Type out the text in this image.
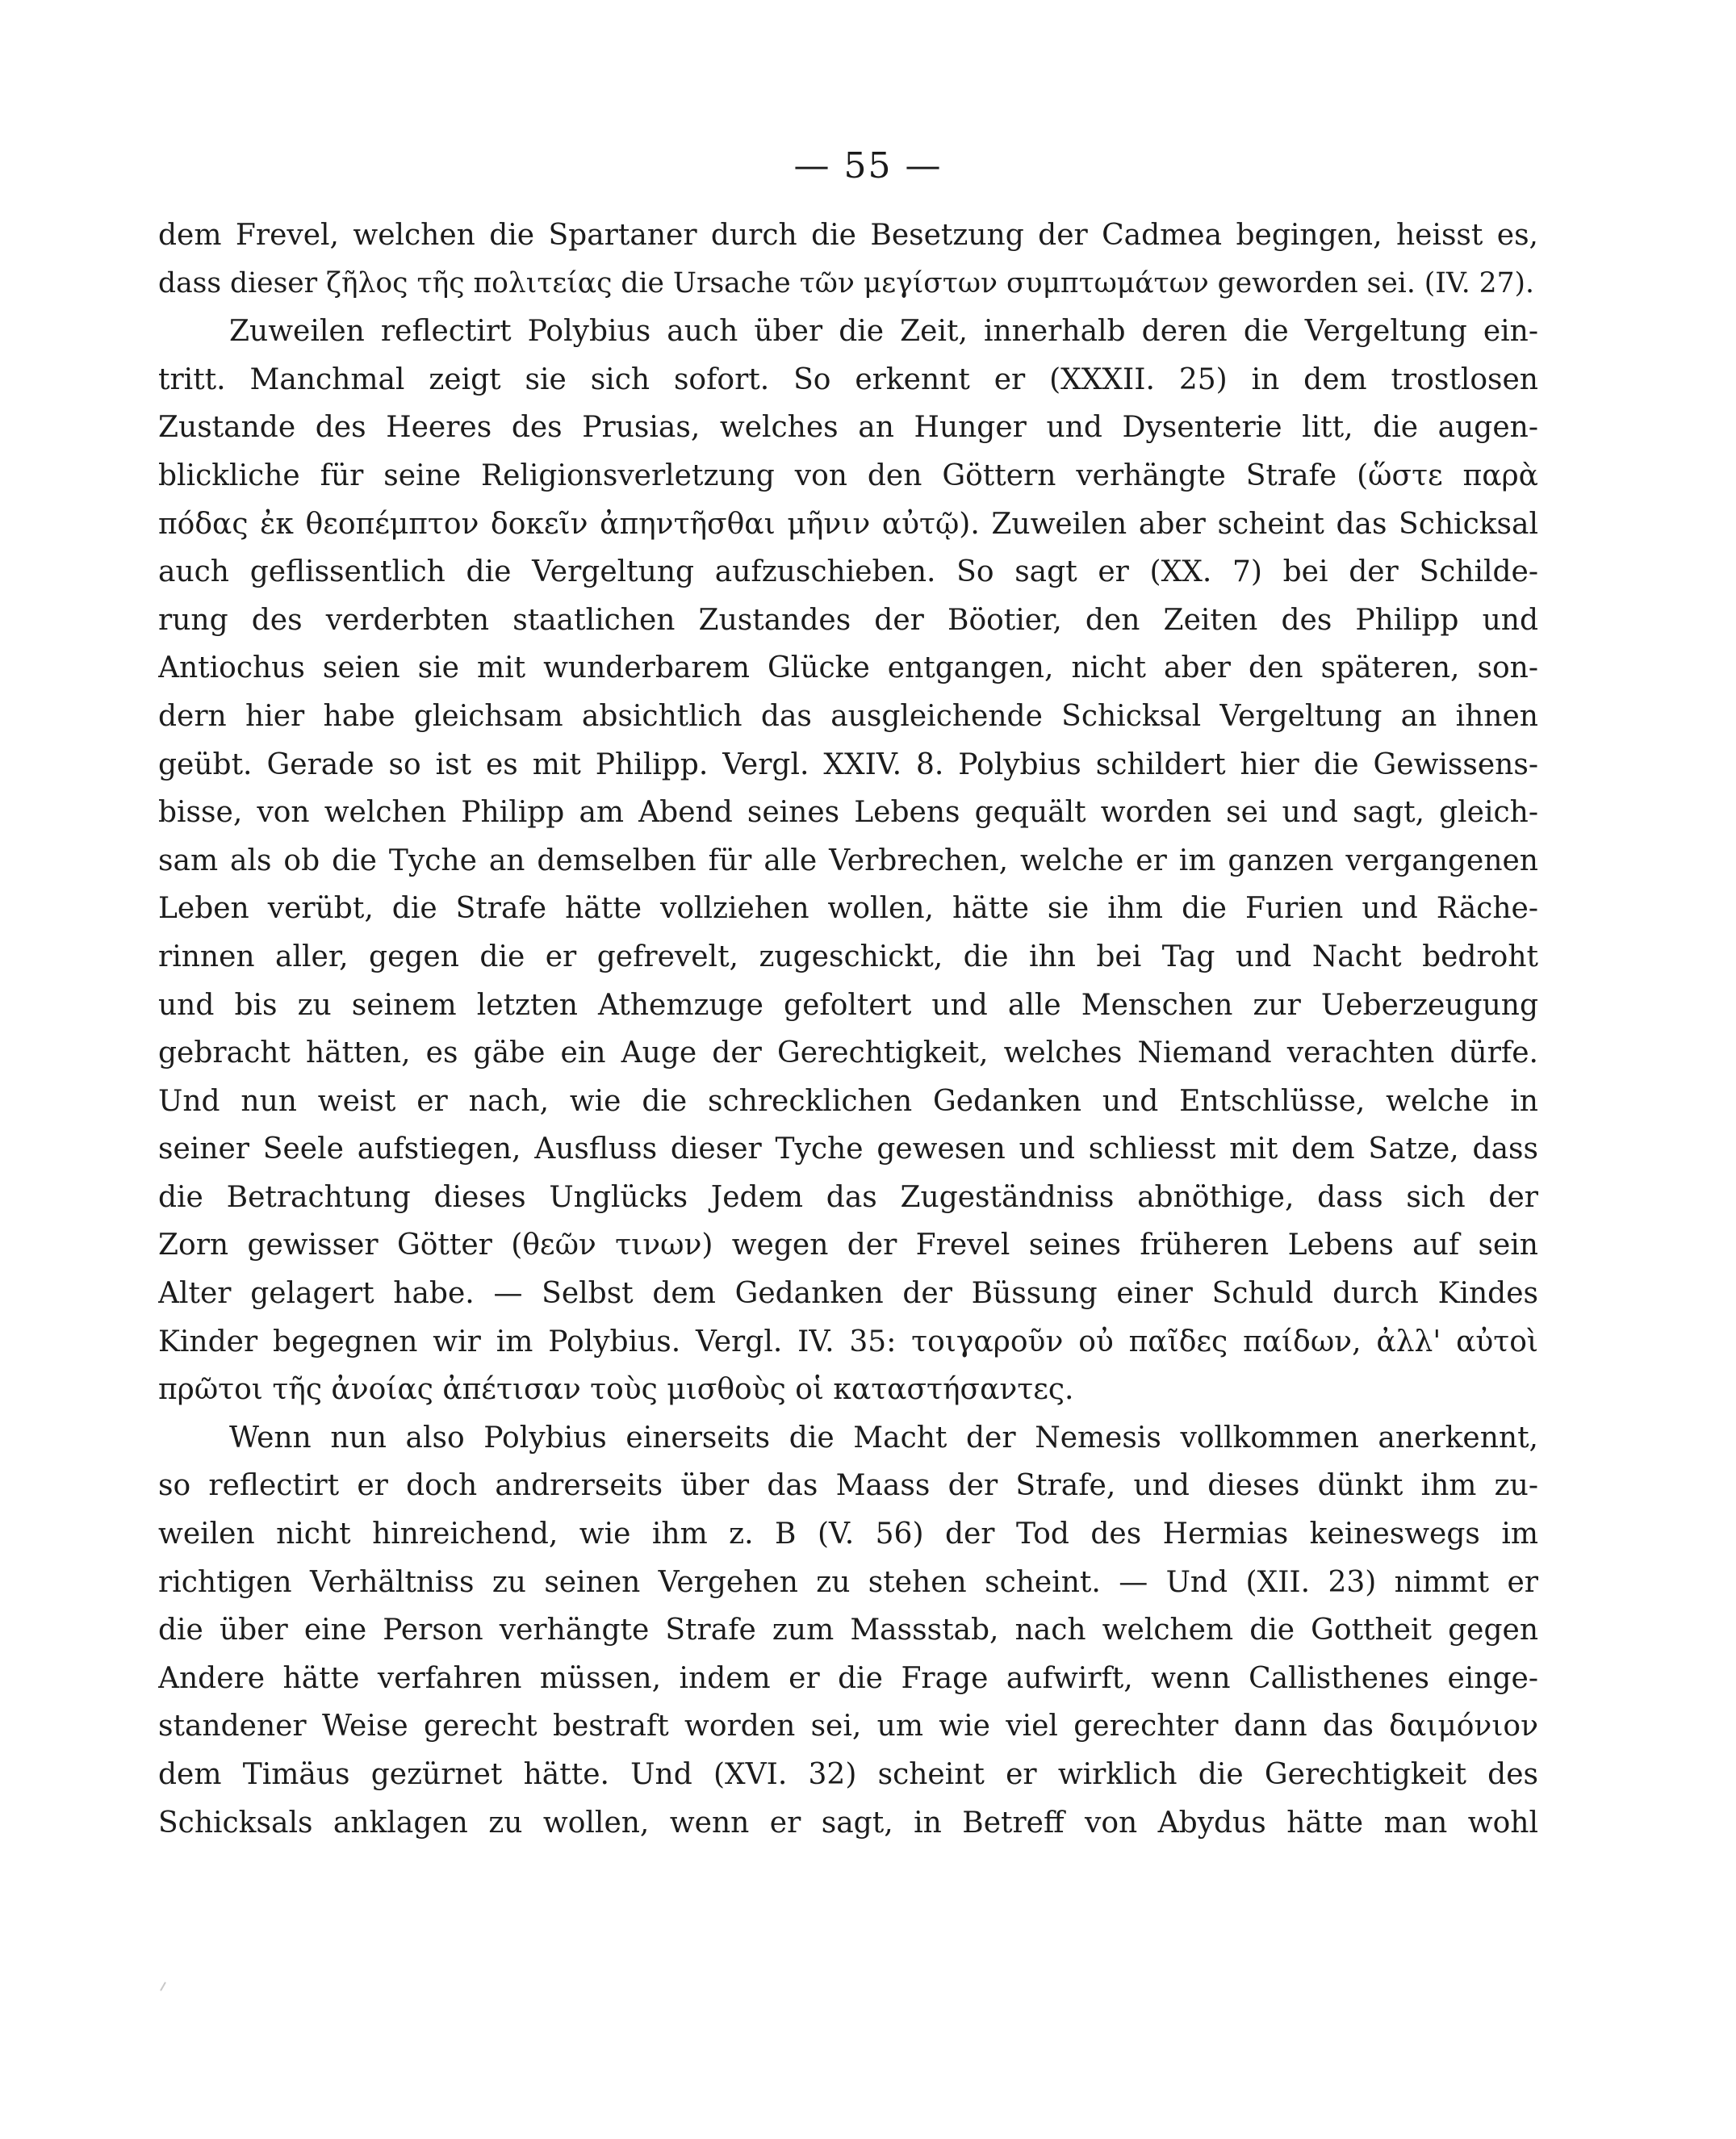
— 55 —
dem Frevel, welchen die Spartaner durch die Besetzung der Cadmea begingen, heisst es,
dass dieser ζῆλος τῆς πολιτείας die Ursache τῶν μεγίστων συμπτωμάτων geworden sei. (IV. 27).
Zuweilen reflectirt Polybius auch über die Zeit, innerhalb deren die Vergeltung ein-
tritt. Manchmal zeigt sie sich sofort. So erkennt er (XXXII. 25) in dem trostlosen
Zustande des Heeres des Prusias, welches an Hunger und Dysenterie litt, die augen-
blickliche für seine Religionsverletzung von den Göttern verhängte Strafe (ὥστε παρὰ
πόδας ἐκ θεοπέμπτον δοκεῖν ἀπηντῆσθαι μῆνιν αὐτῷ). Zuweilen aber scheint das Schicksal
auch geflissentlich die Vergeltung aufzuschieben. So sagt er (XX. 7) bei der Schilde-
rung des verderbten staatlichen Zustandes der Böotier, den Zeiten des Philipp und
Antiochus seien sie mit wunderbarem Glücke entgangen, nicht aber den späteren, son-
dern hier habe gleichsam absichtlich das ausgleichende Schicksal Vergeltung an ihnen
geübt. Gerade so ist es mit Philipp. Vergl. XXIV. 8. Polybius schildert hier die Gewissens-
bisse, von welchen Philipp am Abend seines Lebens gequält worden sei und sagt, gleich-
sam als ob die Tyche an demselben für alle Verbrechen, welche er im ganzen vergangenen
Leben verübt, die Strafe hätte vollziehen wollen, hätte sie ihm die Furien und Räche-
rinnen aller, gegen die er gefrevelt, zugeschickt, die ihn bei Tag und Nacht bedroht
und bis zu seinem letzten Athemzuge gefoltert und alle Menschen zur Ueberzeugung
gebracht hätten, es gäbe ein Auge der Gerechtigkeit, welches Niemand verachten dürfe.
Und nun weist er nach, wie die schrecklichen Gedanken und Entschlüsse, welche in
seiner Seele aufstiegen, Ausfluss dieser Tyche gewesen und schliesst mit dem Satze, dass
die Betrachtung dieses Unglücks Jedem das Zugeständniss abnöthige, dass sich der
Zorn gewisser Götter (θεῶν τινων) wegen der Frevel seines früheren Lebens auf sein
Alter gelagert habe. — Selbst dem Gedanken der Büssung einer Schuld durch Kindes
Kinder begegnen wir im Polybius. Vergl. IV. 35: τοιγαροῦν οὐ παῖδες παίδων, ἀλλ' αὐτοὶ
πρῶτοι τῆς ἀνοίας ἀπέτισαν τοὺς μισθοὺς οἱ καταστήσαντες.
Wenn nun also Polybius einerseits die Macht der Nemesis vollkommen anerkennt,
so reflectirt er doch andrerseits über das Maass der Strafe, und dieses dünkt ihm zu-
weilen nicht hinreichend, wie ihm z. B (V. 56) der Tod des Hermias keineswegs im
richtigen Verhältniss zu seinen Vergehen zu stehen scheint. — Und (XII. 23) nimmt er
die über eine Person verhängte Strafe zum Massstab, nach welchem die Gottheit gegen
Andere hätte verfahren müssen, indem er die Frage aufwirft, wenn Callisthenes einge-
standener Weise gerecht bestraft worden sei, um wie viel gerechter dann das δαιμόνιον
dem Timäus gezürnet hätte. Und (XVI. 32) scheint er wirklich die Gerechtigkeit des
Schicksals anklagen zu wollen, wenn er sagt, in Betreff von Abydus hätte man wohl
